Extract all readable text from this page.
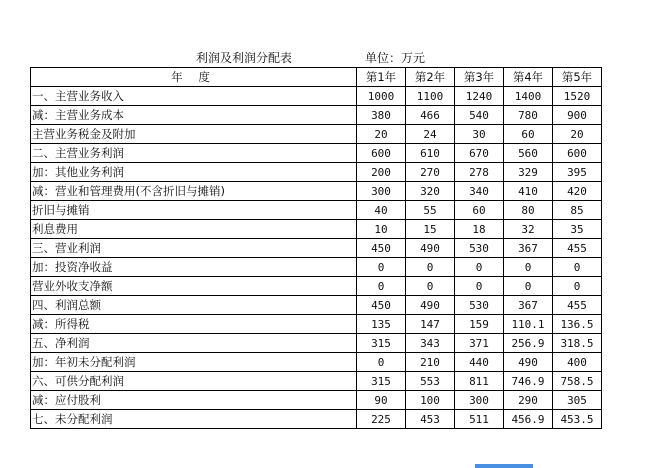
利润及利润分配表	单位：万元
年 度	第1年	第2年	第3年	第4年	第5年
一、主营业务收入	1000	1100	1240	1400	1520
减：主营业务成本	380	466	540	780	900
主营业务税金及附加	20	24	30	60	20
二、主营业务利润	600	610	670	560	600
加：其他业务利润	200	270	278	329	395
减：营业和管理费用(不含折旧与摊销)	300	320	340	410	420
折旧与摊销	40	55	60	80	85
利息费用	10	15	18	32	35
三、营业利润	450	490	530	367	455
加：投资净收益	0	0	0	0	0
营业外收支净额	0	0	0	0	0
四、利润总额	450	490	530	367	455
减：所得税	135	147	159	110.1	136.5
五、净利润	315	343	371	256.9	318.5
加：年初未分配利润	0	210	440	490	400
六、可供分配利润	315	553	811	746.9	758.5
减：应付股利	90	100	300	290	305
七、未分配利润	225	453	511	456.9	453.5
